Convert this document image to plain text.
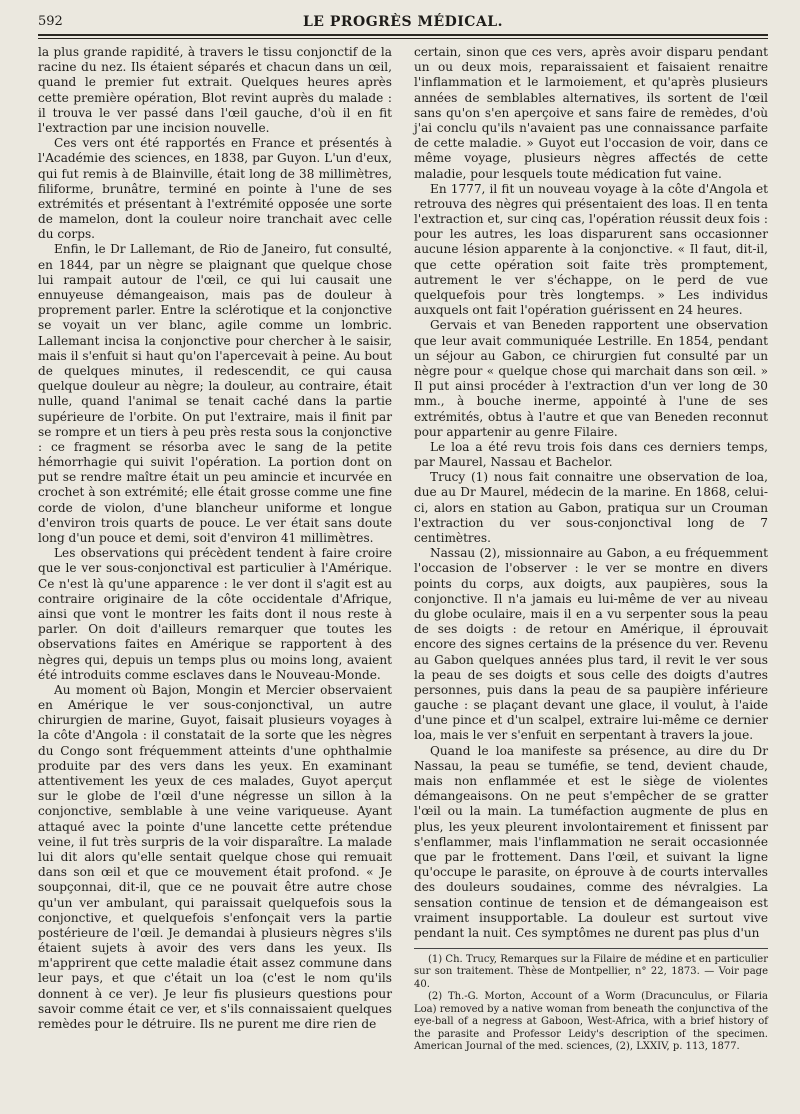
592	LE PROGRÈS MÉDICAL.

la plus grande rapidité, à travers le tissu conjonctif de la racine du nez. Ils étaient séparés et chacun dans un œil, quand le premier fut extrait. Quelques heures après cette première opération, Blot revint auprès du malade : il trouva le ver passé dans l'œil gauche, d'où il en fit l'extraction par une incision nouvelle.

Ces vers ont été rapportés en France et présentés à l'Académie des sciences, en 1838, par Guyon. L'un d'eux, qui fut remis à de Blainville, était long de 38 millimètres, filiforme, brunâtre, terminé en pointe à l'une de ses extrémités et présentant à l'extrémité opposée une sorte de mamelon, dont la couleur noire tranchait avec celle du corps.

Enfin, le Dr Lallemant, de Rio de Janeiro, fut consulté, en 1844, par un nègre se plaignant que quelque chose lui rampait autour de l'œil, ce qui lui causait une ennuyeuse démangeaison, mais pas de douleur à proprement parler. Entre la sclérotique et la conjonctive se voyait un ver blanc, agile comme un lombric. Lallemant incisa la conjonctive pour chercher à le saisir, mais il s'enfuit si haut qu'on l'apercevait à peine. Au bout de quelques minutes, il redescendit, ce qui causa quelque douleur au nègre; la douleur, au contraire, était nulle, quand l'animal se tenait caché dans la partie supérieure de l'orbite. On put l'extraire, mais il finit par se rompre et un tiers à peu près resta sous la conjonctive : ce fragment se résorba avec le sang de la petite hémorrhagie qui suivit l'opération. La portion dont on put se rendre maître était un peu amincie et incurvée en crochet à son extrémité; elle était grosse comme une fine corde de violon, d'une blancheur uniforme et longue d'environ trois quarts de pouce. Le ver était sans doute long d'un pouce et demi, soit d'environ 41 millimètres.

Les observations qui précèdent tendent à faire croire que le ver sous-conjonctival est particulier à l'Amérique. Ce n'est là qu'une apparence : le ver dont il s'agit est au contraire originaire de la côte occidentale d'Afrique, ainsi que vont le montrer les faits dont il nous reste à parler. On doit d'ailleurs remarquer que toutes les observations faites en Amérique se rapportent à des nègres qui, depuis un temps plus ou moins long, avaient été introduits comme esclaves dans le Nouveau-Monde.

Au moment où Bajon, Mongin et Mercier observaient en Amérique le ver sous-conjonctival, un autre chirurgien de marine, Guyot, faisait plusieurs voyages à la côte d'Angola : il constatait de la sorte que les nègres du Congo sont fréquemment atteints d'une ophthalmie produite par des vers dans les yeux. En examinant attentivement les yeux de ces malades, Guyot aperçut sur le globe de l'œil d'une négresse un sillon à la conjonctive, semblable à une veine variqueuse. Ayant attaqué avec la pointe d'une lancette cette prétendue veine, il fut très surpris de la voir disparaître. La malade lui dit alors qu'elle sentait quelque chose qui remuait dans son œil et que ce mouvement était profond. « Je soupçonnai, dit-il, que ce ne pouvait être autre chose qu'un ver ambulant, qui paraissait quelquefois sous la conjonctive, et quelquefois s'enfonçait vers la partie postérieure de l'œil. Je demandai à plusieurs nègres s'ils étaient sujets à avoir des vers dans les yeux. Ils m'apprirent que cette maladie était assez commune dans leur pays, et que c'était un loa (c'est le nom qu'ils donnent à ce ver). Je leur fis plusieurs questions pour savoir comme était ce ver, et s'ils connaissaient quelques remèdes pour le détruire. Ils ne purent me dire rien de

certain, sinon que ces vers, après avoir disparu pendant un ou deux mois, reparaissaient et faisaient renaitre l'inflammation et le larmoiement, et qu'après plusieurs années de semblables alternatives, ils sortent de l'œil sans qu'on s'en aperçoive et sans faire de remèdes, d'où j'ai conclu qu'ils n'avaient pas une connaissance parfaite de cette maladie. » Guyot eut l'occasion de voir, dans ce même voyage, plusieurs nègres affectés de cette maladie, pour lesquels toute médication fut vaine.

En 1777, il fit un nouveau voyage à la côte d'Angola et retrouva des nègres qui présentaient des loas. Il en tenta l'extraction et, sur cinq cas, l'opération réussit deux fois : pour les autres, les loas disparurent sans occasionner aucune lésion apparente à la conjonctive. « Il faut, dit-il, que cette opération soit faite très promptement, autrement le ver s'échappe, on le perd de vue quelquefois pour très longtemps. » Les individus auxquels ont fait l'opération guérissent en 24 heures.

Gervais et van Beneden rapportent une observation que leur avait communiquée Lestrille. En 1854, pendant un séjour au Gabon, ce chirurgien fut consulté par un nègre pour « quelque chose qui marchait dans son œil. » Il put ainsi procéder à l'extraction d'un ver long de 30 mm., à bouche inerme, appointé à l'une de ses extrémités, obtus à l'autre et que van Beneden reconnut pour appartenir au genre Filaire.

Le loa a été revu trois fois dans ces derniers temps, par Maurel, Nassau et Bachelor.

Trucy (1) nous fait connaitre une observation de loa, due au Dr Maurel, médecin de la marine. En 1868, celui-ci, alors en station au Gabon, pratiqua sur un Crouman l'extraction du ver sous-conjonctival long de 7 centimètres.

Nassau (2), missionnaire au Gabon, a eu fréquemment l'occasion de l'observer : le ver se montre en divers points du corps, aux doigts, aux paupières, sous la conjonctive. Il n'a jamais eu lui-même de ver au niveau du globe oculaire, mais il en a vu serpenter sous la peau de ses doigts : de retour en Amérique, il éprouvait encore des signes certains de la présence du ver. Revenu au Gabon quelques années plus tard, il revit le ver sous la peau de ses doigts et sous celle des doigts d'autres personnes, puis dans la peau de sa paupière inférieure gauche : se plaçant devant une glace, il voulut, à l'aide d'une pince et d'un scalpel, extraire lui-même ce dernier loa, mais le ver s'enfuit en serpentant à travers la joue.

Quand le loa manifeste sa présence, au dire du Dr Nassau, la peau se tuméfie, se tend, devient chaude, mais non enflammée et est le siège de violentes démangeaisons. On ne peut s'empêcher de se gratter l'œil ou la main. La tuméfaction augmente de plus en plus, les yeux pleurent involontairement et finissent par s'enflammer, mais l'inflammation ne serait occasionnée que par le frottement. Dans l'œil, et suivant la ligne qu'occupe le parasite, on éprouve à de courts intervalles des douleurs soudaines, comme des névralgies. La sensation continue de tension et de démangeaison est vraiment insupportable. La douleur est surtout vive pendant la nuit. Ces symptômes ne durent pas plus d'un

(1) Ch. Trucy, Remarques sur la Filaire de médine et en particulier sur son traitement. Thèse de Montpellier, n° 22, 1873. — Voir page 40.

(2) Th.-G. Morton, Account of a Worm (Dracunculus, or Filaria Loa) removed by a native woman from beneath the conjunctiva of the eye-ball of a negress at Gaboon, West-Africa, with a brief history of the parasite and Professor Leidy's description of the specimen. American Journal of the med. sciences, (2), LXXIV, p. 113, 1877.
